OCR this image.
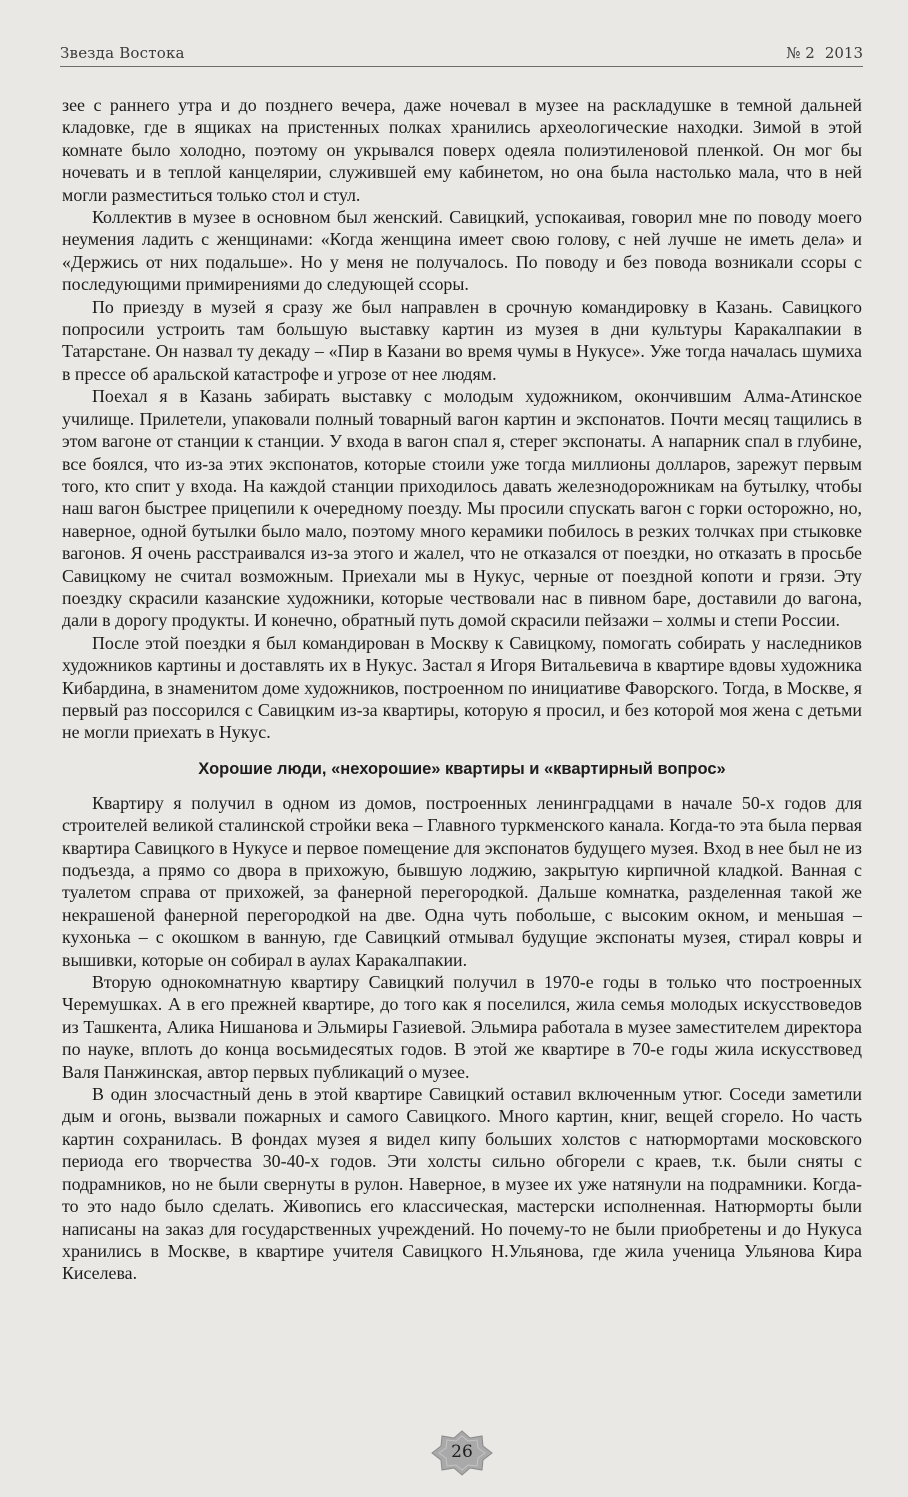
Звезда Востока	№ 2 2013

зее с раннего утра и до позднего вечера, даже ночевал в музее на раскладушке в темной дальней кладовке, где в ящиках на пристенных полках хранились археологические находки. Зимой в этой комнате было холодно, поэтому он укрывался поверх одеяла полиэтиленовой пленкой. Он мог бы ночевать и в теплой канцелярии, служившей ему кабинетом, но она была настолько мала, что в ней могли разместиться только стол и стул.

Коллектив в музее в основном был женский. Савицкий, успокаивая, говорил мне по поводу моего неумения ладить с женщинами: «Когда женщина имеет свою голову, с ней лучше не иметь дела» и «Держись от них подальше». Но у меня не получалось. По поводу и без повода возникали ссоры с последующими примирениями до следующей ссоры.

По приезду в музей я сразу же был направлен в срочную командировку в Казань. Савицкого попросили устроить там большую выставку картин из музея в дни культуры Каракалпакии в Татарстане. Он назвал ту декаду – «Пир в Казани во время чумы в Нукусе». Уже тогда началась шумиха в прессе об аральской катастрофе и угрозе от нее людям.

Поехал я в Казань забирать выставку с молодым художником, окончившим Алма-Атинское училище. Прилетели, упаковали полный товарный вагон картин и экспонатов. Почти месяц тащились в этом вагоне от станции к станции. У входа в вагон спал я, стерег экспонаты. А напарник спал в глубине, все боялся, что из-за этих экспонатов, которые стоили уже тогда миллионы долларов, зарежут первым того, кто спит у входа. На каждой станции приходилось давать железнодорожникам на бутылку, чтобы наш вагон быстрее прицепили к очередному поезду. Мы просили спускать вагон с горки осторожно, но, наверное, одной бутылки было мало, поэтому много керамики побилось в резких толчках при стыковке вагонов. Я очень расстраивался из-за этого и жалел, что не отказался от поездки, но отказать в просьбе Савицкому не считал возможным. Приехали мы в Нукус, черные от поездной копоти и грязи. Эту поездку скрасили казанские художники, которые чествовали нас в пивном баре, доставили до вагона, дали в дорогу продукты. И конечно, обратный путь домой скрасили пейзажи – холмы и степи России.

После этой поездки я был командирован в Москву к Савицкому, помогать собирать у наследников художников картины и доставлять их в Нукус. Застал я Игоря Витальевича в квартире вдовы художника Кибардина, в знаменитом доме художников, построенном по инициативе Фаворского. Тогда, в Москве, я первый раз поссорился с Савицким из-за квартиры, которую я просил, и без которой моя жена с детьми не могли приехать в Нукус.

Хорошие люди, «нехорошие» квартиры и «квартирный вопрос»

Квартиру я получил в одном из домов, построенных ленинградцами в начале 50-х годов для строителей великой сталинской стройки века – Главного туркменского канала. Когда-то эта была первая квартира Савицкого в Нукусе и первое помещение для экспонатов будущего музея. Вход в нее был не из подъезда, а прямо со двора в прихожую, бывшую лоджию, закрытую кирпичной кладкой. Ванная с туалетом справа от прихожей, за фанерной перегородкой. Дальше комнатка, разделенная такой же некрашеной фанерной перегородкой на две. Одна чуть побольше, с высоким окном, и меньшая – кухонька – с окошком в ванную, где Савицкий отмывал будущие экспонаты музея, стирал ковры и вышивки, которые он собирал в аулах Каракалпакии.

Вторую однокомнатную квартиру Савицкий получил в 1970-е годы в только что построенных Черемушках. А в его прежней квартире, до того как я поселился, жила семья молодых искусствоведов из Ташкента, Алика Нишанова и Эльмиры Газиевой. Эльмира работала в музее заместителем директора по науке, вплоть до конца восьмидесятых годов. В этой же квартире в 70-е годы жила искусствовед Валя Панжинская, автор первых публикаций о музее.

В один злосчастный день в этой квартире Савицкий оставил включенным утюг. Соседи заметили дым и огонь, вызвали пожарных и самого Савицкого. Много картин, книг, вещей сгорело. Но часть картин сохранилась. В фондах музея я видел кипу больших холстов с натюрмортами московского периода его творчества 30-40-х годов. Эти холсты сильно обгорели с краев, т.к. были сняты с подрамников, но не были свернуты в рулон. Наверное, в музее их уже натянули на подрамники. Когда-то это надо было сделать. Живопись его классическая, мастерски исполненная. Натюрморты были написаны на заказ для государственных учреждений. Но почему-то не были приобретены и до Нукуса хранились в Москве, в квартире учителя Савицкого Н.Ульянова, где жила ученица Ульянова Кира Киселева.

26
